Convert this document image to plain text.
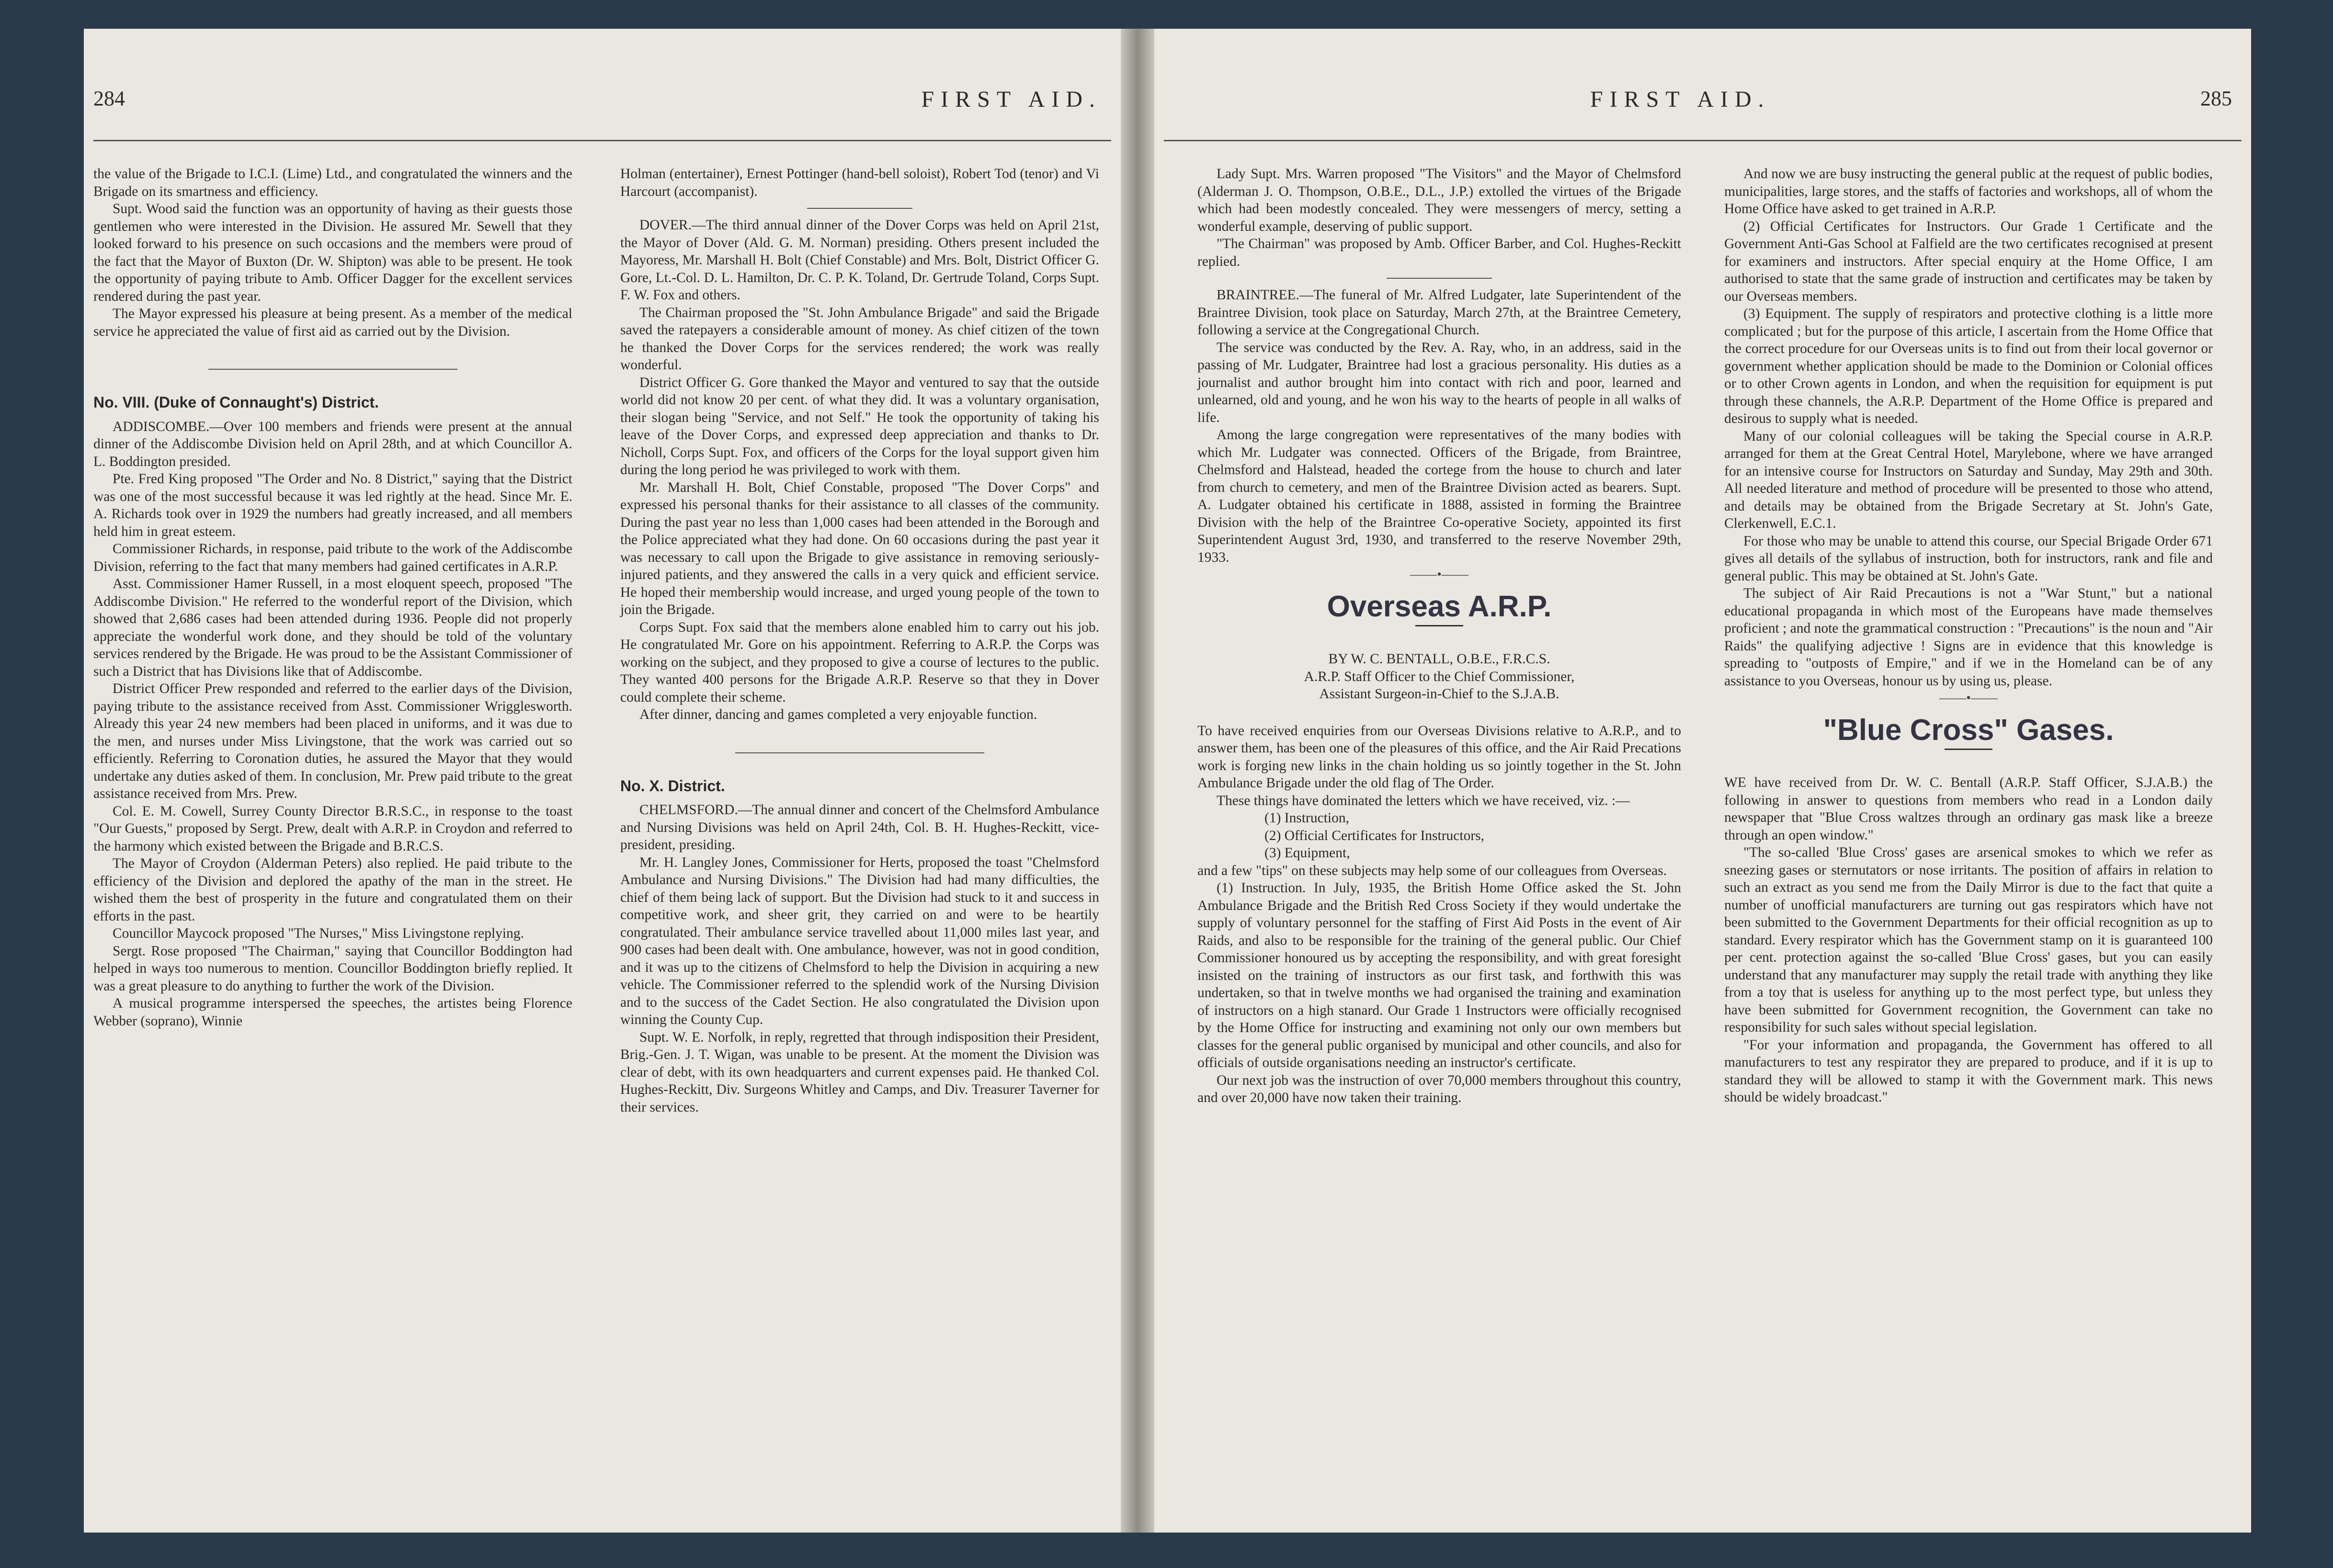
284	FIRST AID.

the value of the Brigade to I.C.I. (Lime) Ltd., and congratulated the winners and the Brigade on its smartness and efficiency.

Supt. Wood said the function was an opportunity of having as their guests those gentlemen who were interested in the Division. He assured Mr. Sewell that they looked forward to his presence on such occasions and the members were proud of the fact that the Mayor of Buxton (Dr. W. Shipton) was able to be present. He took the opportunity of paying tribute to Amb. Officer Dagger for the excellent services rendered during the past year.

The Mayor expressed his pleasure at being present. As a member of the medical service he appreciated the value of first aid as carried out by the Division.

No. VIII. (Duke of Connaught's) District.

ADDISCOMBE.—Over 100 members and friends were present at the annual dinner of the Addiscombe Division held on April 28th, and at which Councillor A. L. Boddington presided.

Pte. Fred King proposed "The Order and No. 8 District," saying that the District was one of the most successful because it was led rightly at the head. Since Mr. E. A. Richards took over in 1929 the numbers had greatly increased, and all members held him in great esteem.

Commissioner Richards, in response, paid tribute to the work of the Addiscombe Division, referring to the fact that many members had gained certificates in A.R.P.

Asst. Commissioner Hamer Russell, in a most eloquent speech, proposed "The Addiscombe Division." He referred to the wonderful report of the Division, which showed that 2,686 cases had been attended during 1936. People did not properly appreciate the wonderful work done, and they should be told of the voluntary services rendered by the Brigade. He was proud to be the Assistant Commissioner of such a District that has Divisions like that of Addiscombe.

District Officer Prew responded and referred to the earlier days of the Division, paying tribute to the assistance received from Asst. Commissioner Wrigglesworth. Already this year 24 new members had been placed in uniforms, and it was due to the men, and nurses under Miss Livingstone, that the work was carried out so efficiently. Referring to Coronation duties, he assured the Mayor that they would undertake any duties asked of them. In conclusion, Mr. Prew paid tribute to the great assistance received from Mrs. Prew.

Col. E. M. Cowell, Surrey County Director B.R.S.C., in response to the toast "Our Guests," proposed by Sergt. Prew, dealt with A.R.P. in Croydon and referred to the harmony which existed between the Brigade and B.R.C.S.

The Mayor of Croydon (Alderman Peters) also replied. He paid tribute to the efficiency of the Division and deplored the apathy of the man in the street. He wished them the best of prosperity in the future and congratulated them on their efforts in the past.

Councillor Maycock proposed "The Nurses," Miss Livingstone replying.

Sergt. Rose proposed "The Chairman," saying that Councillor Boddington had helped in ways too numerous to mention. Councillor Boddington briefly replied. It was a great pleasure to do anything to further the work of the Division.

A musical programme interspersed the speeches, the artistes being Florence Webber (soprano), Winnie

Holman (entertainer), Ernest Pottinger (hand-bell soloist), Robert Tod (tenor) and Vi Harcourt (accompanist).

DOVER.—The third annual dinner of the Dover Corps was held on April 21st, the Mayor of Dover (Ald. G. M. Norman) presiding. Others present included the Mayoress, Mr. Marshall H. Bolt (Chief Constable) and Mrs. Bolt, District Officer G. Gore, Lt.-Col. D. L. Hamilton, Dr. C. P. K. Toland, Dr. Gertrude Toland, Corps Supt. F. W. Fox and others.

The Chairman proposed the "St. John Ambulance Brigade" and said the Brigade saved the ratepayers a considerable amount of money. As chief citizen of the town he thanked the Dover Corps for the services rendered; the work was really wonderful.

District Officer G. Gore thanked the Mayor and ventured to say that the outside world did not know 20 per cent. of what they did. It was a voluntary organisation, their slogan being "Service, and not Self." He took the opportunity of taking his leave of the Dover Corps, and expressed deep appreciation and thanks to Dr. Nicholl, Corps Supt. Fox, and officers of the Corps for the loyal support given him during the long period he was privileged to work with them.

Mr. Marshall H. Bolt, Chief Constable, proposed "The Dover Corps" and expressed his personal thanks for their assistance to all classes of the community. During the past year no less than 1,000 cases had been attended in the Borough and the Police appreciated what they had done. On 60 occasions during the past year it was necessary to call upon the Brigade to give assistance in removing seriously-injured patients, and they answered the calls in a very quick and efficient service. He hoped their membership would increase, and urged young people of the town to join the Brigade.

Corps Supt. Fox said that the members alone enabled him to carry out his job. He congratulated Mr. Gore on his appointment. Referring to A.R.P. the Corps was working on the subject, and they proposed to give a course of lectures to the public. They wanted 400 persons for the Brigade A.R.P. Reserve so that they in Dover could complete their scheme.

After dinner, dancing and games completed a very enjoyable function.

No. X. District.

CHELMSFORD.—The annual dinner and concert of the Chelmsford Ambulance and Nursing Divisions was held on April 24th, Col. B. H. Hughes-Reckitt, vice-president, presiding.

Mr. H. Langley Jones, Commissioner for Herts, proposed the toast "Chelmsford Ambulance and Nursing Divisions." The Division had had many difficulties, the chief of them being lack of support. But the Division had stuck to it and success in competitive work, and sheer grit, they carried on and were to be heartily congratulated. Their ambulance service travelled about 11,000 miles last year, and 900 cases had been dealt with. One ambulance, however, was not in good condition, and it was up to the citizens of Chelmsford to help the Division in acquiring a new vehicle. The Commissioner referred to the splendid work of the Nursing Division and to the success of the Cadet Section. He also congratulated the Division upon winning the County Cup.

Supt. W. E. Norfolk, in reply, regretted that through indisposition their President, Brig.-Gen. J. T. Wigan, was unable to be present. At the moment the Division was clear of debt, with its own headquarters and current expenses paid. He thanked Col. Hughes-Reckitt, Div. Surgeons Whitley and Camps, and Div. Treasurer Taverner for their services.

FIRST AID.	285

Lady Supt. Mrs. Warren proposed "The Visitors" and the Mayor of Chelmsford (Alderman J. O. Thompson, O.B.E., D.L., J.P.) extolled the virtues of the Brigade which had been modestly concealed. They were messengers of mercy, setting a wonderful example, deserving of public support.

"The Chairman" was proposed by Amb. Officer Barber, and Col. Hughes-Reckitt replied.

BRAINTREE.—The funeral of Mr. Alfred Ludgater, late Superintendent of the Braintree Division, took place on Saturday, March 27th, at the Braintree Cemetery, following a service at the Congregational Church.

The service was conducted by the Rev. A. Ray, who, in an address, said in the passing of Mr. Ludgater, Braintree had lost a gracious personality. His duties as a journalist and author brought him into contact with rich and poor, learned and unlearned, old and young, and he won his way to the hearts of people in all walks of life.

Among the large congregation were representatives of the many bodies with which Mr. Ludgater was connected. Officers of the Brigade, from Braintree, Chelmsford and Halstead, headed the cortege from the house to church and later from church to cemetery, and men of the Braintree Division acted as bearers. Supt. A. Ludgater obtained his certificate in 1888, assisted in forming the Braintree Division with the help of the Braintree Co-operative Society, appointed its first Superintendent August 3rd, 1930, and transferred to the reserve November 29th, 1933.

——•——

Overseas A.R.P.

BY W. C. BENTALL, O.B.E., F.R.C.S.

A.R.P. Staff Officer to the Chief Commissioner,

Assistant Surgeon-in-Chief to the S.J.A.B.

To have received enquiries from our Overseas Divisions relative to A.R.P., and to answer them, has been one of the pleasures of this office, and the Air Raid Precations work is forging new links in the chain holding us so jointly together in the St. John Ambulance Brigade under the old flag of The Order.

These things have dominated the letters which we have received, viz. :—

(1) Instruction,

(2) Official Certificates for Instructors,

(3) Equipment,

and a few "tips" on these subjects may help some of our colleagues from Overseas.

(1) Instruction. In July, 1935, the British Home Office asked the St. John Ambulance Brigade and the British Red Cross Society if they would undertake the supply of voluntary personnel for the staffing of First Aid Posts in the event of Air Raids, and also to be responsible for the training of the general public. Our Chief Commissioner honoured us by accepting the responsibility, and with great foresight insisted on the training of instructors as our first task, and forthwith this was undertaken, so that in twelve months we had organised the training and examination of instructors on a high stanard. Our Grade 1 Instructors were officially recognised by the Home Office for instructing and examining not only our own members but classes for the general public organised by municipal and other councils, and also for officials of outside organisations needing an instructor's certificate.

Our next job was the instruction of over 70,000 members throughout this country, and over 20,000 have now taken their training.

And now we are busy instructing the general public at the request of public bodies, municipalities, large stores, and the staffs of factories and workshops, all of whom the Home Office have asked to get trained in A.R.P.

(2) Official Certificates for Instructors. Our Grade 1 Certificate and the Government Anti-Gas School at Falfield are the two certificates recognised at present for examiners and instructors. After special enquiry at the Home Office, I am authorised to state that the same grade of instruction and certificates may be taken by our Overseas members.

(3) Equipment. The supply of respirators and protective clothing is a little more complicated ; but for the purpose of this article, I ascertain from the Home Office that the correct procedure for our Overseas units is to find out from their local governor or government whether application should be made to the Dominion or Colonial offices or to other Crown agents in London, and when the requisition for equipment is put through these channels, the A.R.P. Department of the Home Office is prepared and desirous to supply what is needed.

Many of our colonial colleagues will be taking the Special course in A.R.P. arranged for them at the Great Central Hotel, Marylebone, where we have arranged for an intensive course for Instructors on Saturday and Sunday, May 29th and 30th. All needed literature and method of procedure will be presented to those who attend, and details may be obtained from the Brigade Secretary at St. John's Gate, Clerkenwell, E.C.1.

For those who may be unable to attend this course, our Special Brigade Order 671 gives all details of the syllabus of instruction, both for instructors, rank and file and general public. This may be obtained at St. John's Gate.

The subject of Air Raid Precautions is not a "War Stunt," but a national educational propaganda in which most of the Europeans have made themselves proficient ; and note the grammatical construction : "Precautions" is the noun and "Air Raids" the qualifying adjective ! Signs are in evidence that this knowledge is spreading to "outposts of Empire," and if we in the Homeland can be of any assistance to you Overseas, honour us by using us, please.

——•——

"Blue Cross" Gases.

WE have received from Dr. W. C. Bentall (A.R.P. Staff Officer, S.J.A.B.) the following in answer to questions from members who read in a London daily newspaper that "Blue Cross waltzes through an ordinary gas mask like a breeze through an open window."

"The so-called 'Blue Cross' gases are arsenical smokes to which we refer as sneezing gases or sternutators or nose irritants. The position of affairs in relation to such an extract as you send me from the Daily Mirror is due to the fact that quite a number of unofficial manufacturers are turning out gas respirators which have not been submitted to the Government Departments for their official recognition as up to standard. Every respirator which has the Government stamp on it is guaranteed 100 per cent. protection against the so-called 'Blue Cross' gases, but you can easily understand that any manufacturer may supply the retail trade with anything they like from a toy that is useless for anything up to the most perfect type, but unless they have been submitted for Government recognition, the Government can take no responsibility for such sales without special legislation.

"For your information and propaganda, the Government has offered to all manufacturers to test any respirator they are prepared to produce, and if it is up to standard they will be allowed to stamp it with the Government mark. This news should be widely broadcast."
